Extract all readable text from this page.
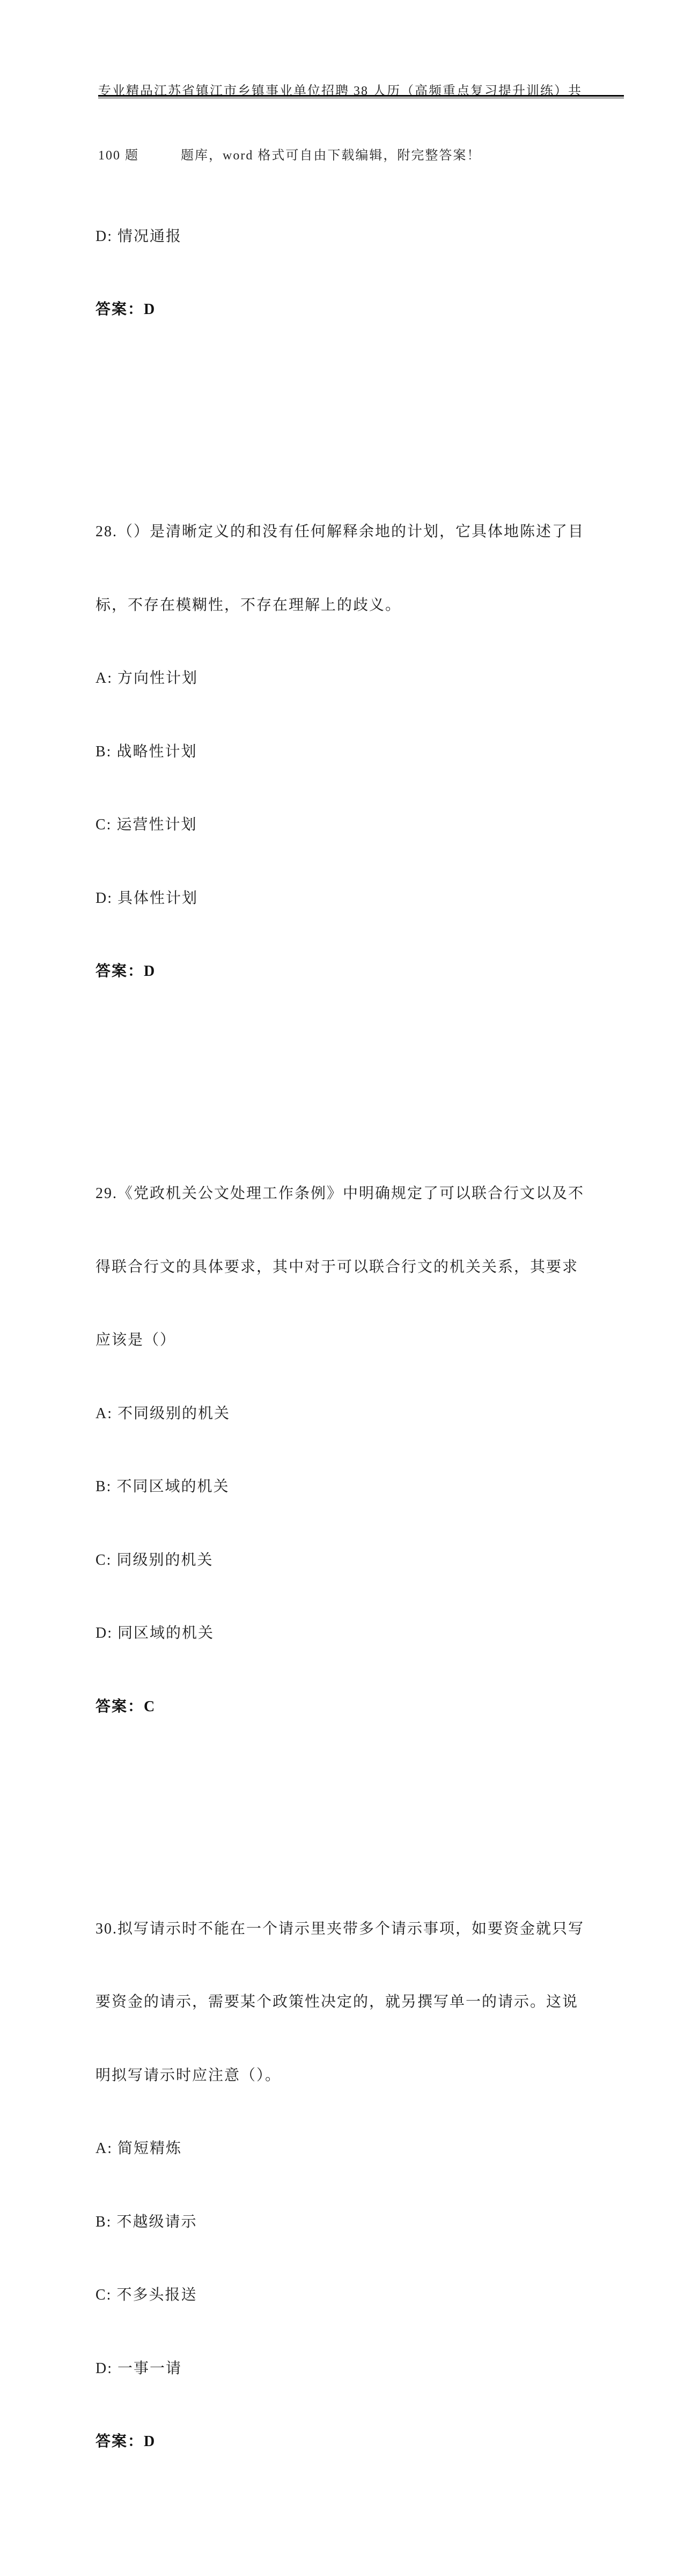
专业精品江苏省镇江市乡镇事业单位招聘 38 人历（高频重点复习提升训练）共

100 题　　　题库，word 格式可自由下载编辑，附完整答案！

D: 情况通报

答案：D

28.（）是清晰定义的和没有任何解释余地的计划，它具体地陈述了目

标，不存在模糊性，不存在理解上的歧义。

A: 方向性计划

B: 战略性计划

C: 运营性计划

D: 具体性计划

答案：D

29.《党政机关公文处理工作条例》中明确规定了可以联合行文以及不

得联合行文的具体要求，其中对于可以联合行文的机关关系，其要求

应该是（）

A: 不同级别的机关

B: 不同区域的机关

C: 同级别的机关

D: 同区域的机关

答案：C

30.拟写请示时不能在一个请示里夹带多个请示事项，如要资金就只写

要资金的请示，需要某个政策性决定的，就另撰写单一的请示。这说

明拟写请示时应注意（）。

A: 简短精炼

B: 不越级请示

C: 不多头报送

D: 一事一请

答案：D
